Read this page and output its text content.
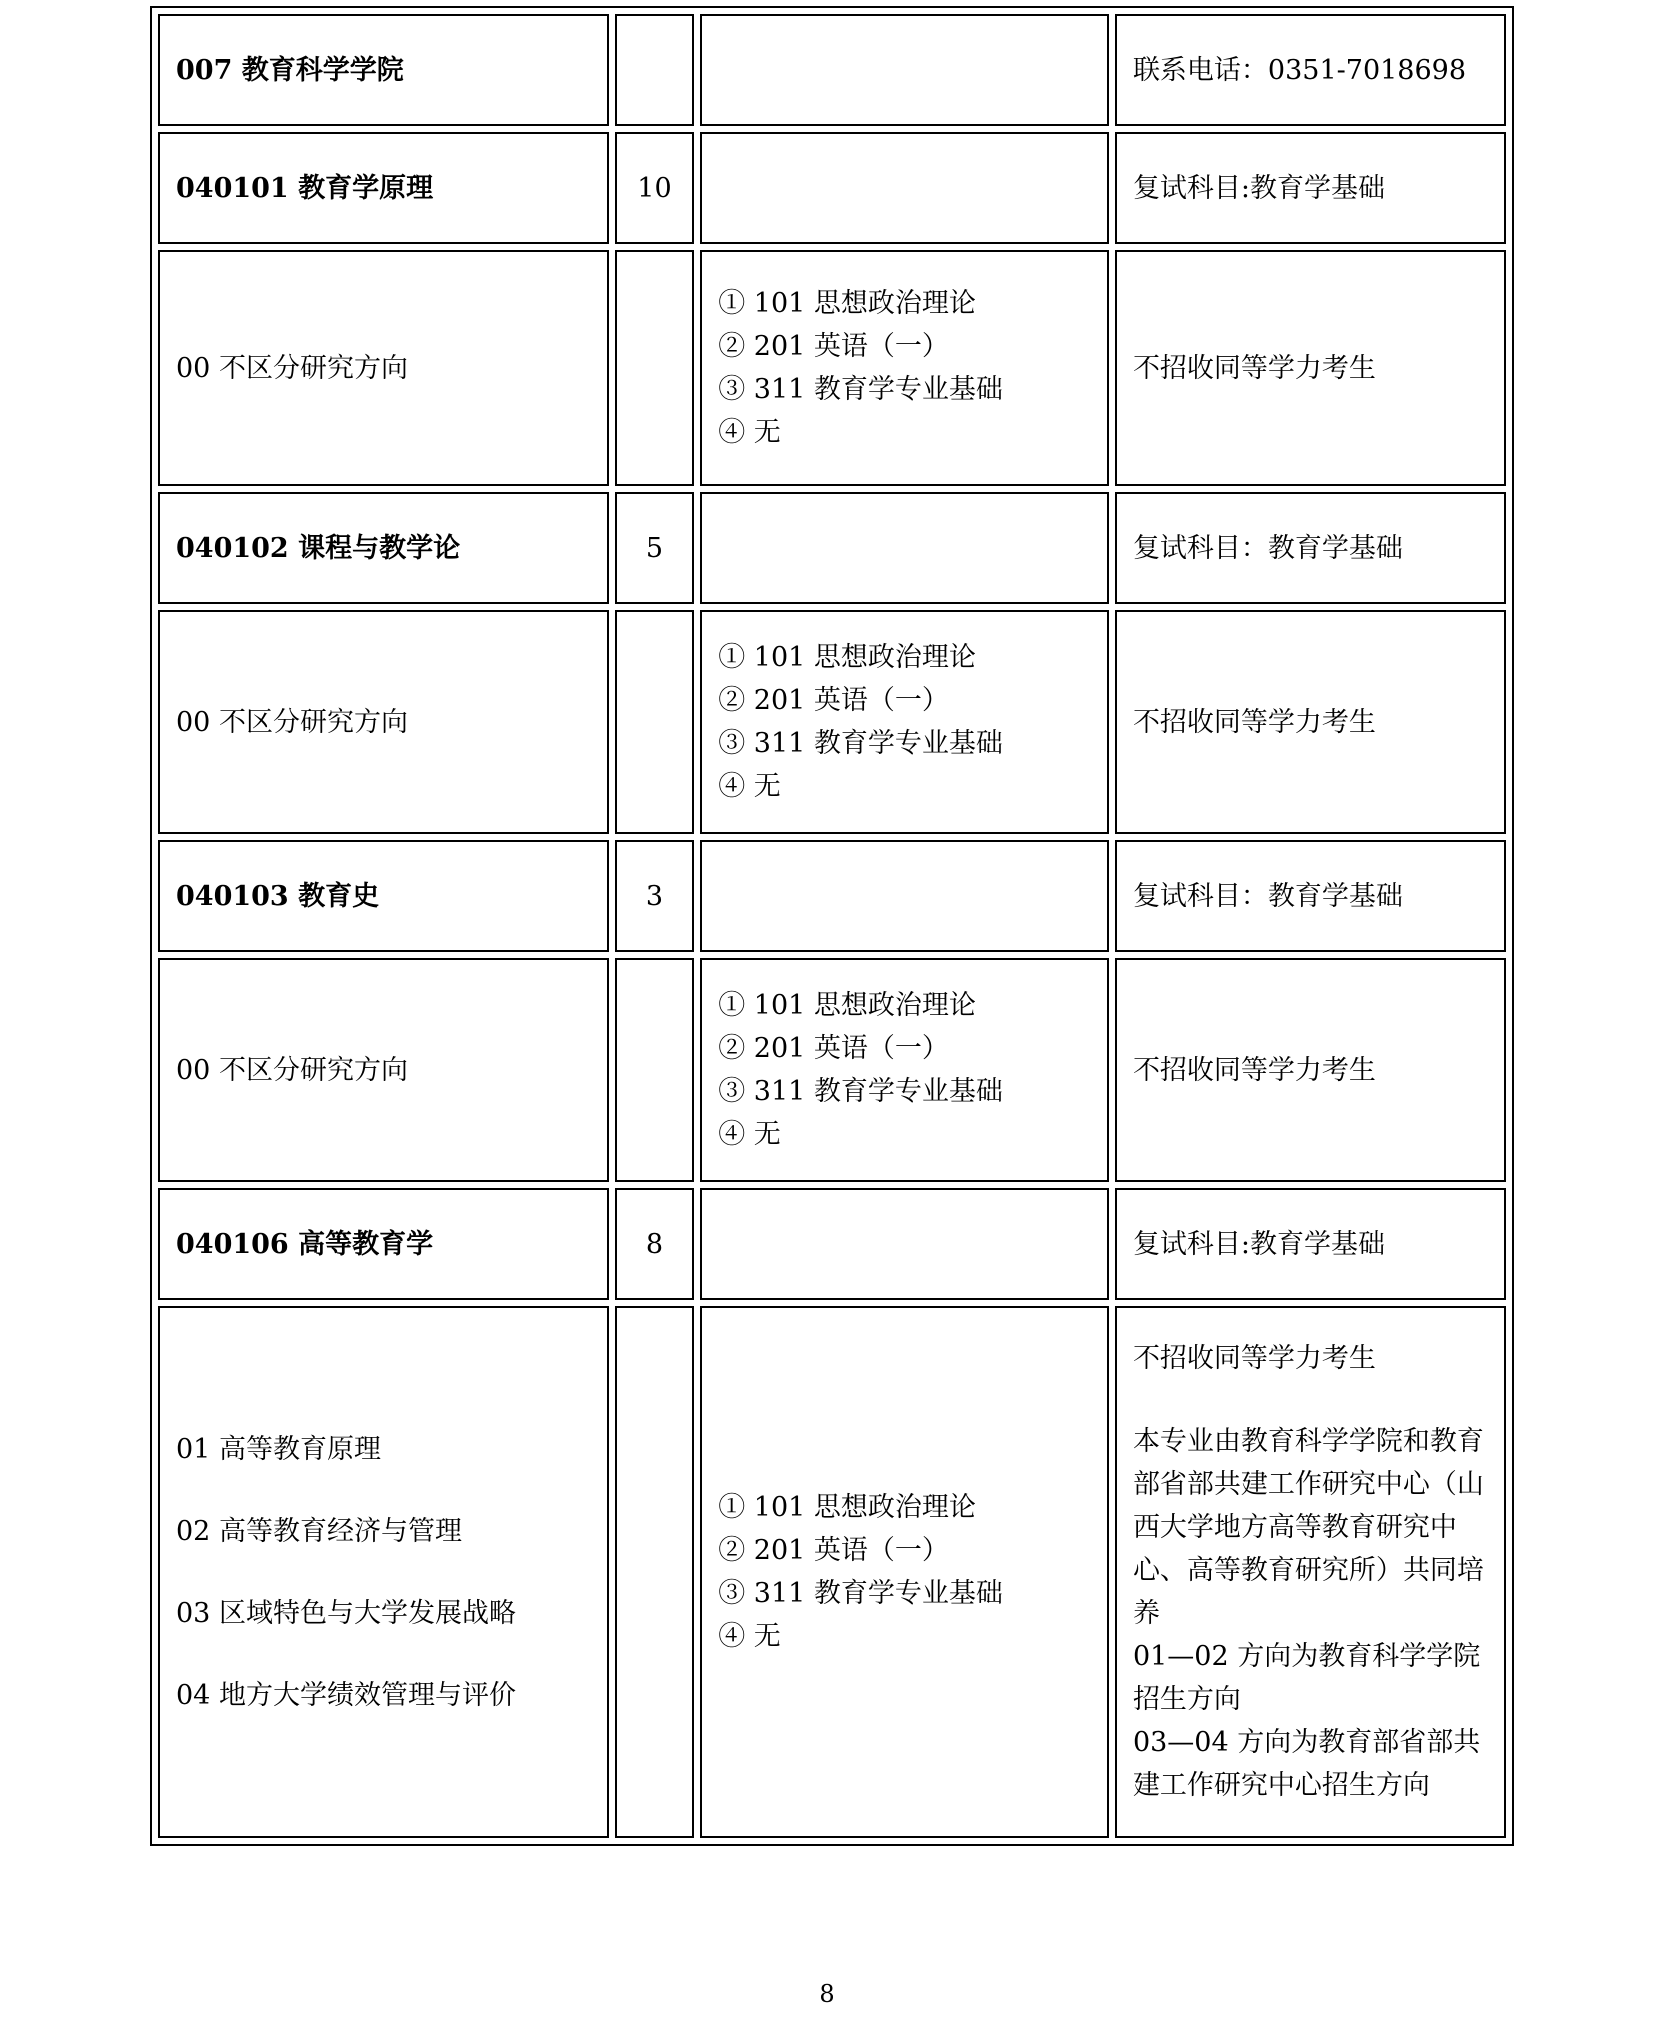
007 教育科学学院			联系电话：0351-7018698
040101 教育学原理	10		复试科目:教育学基础
00 不区分研究方向		① 101 思想政治理论
② 201 英语（一）
③ 311 教育学专业基础
④ 无	不招收同等学力考生
040102 课程与教学论	5		复试科目：教育学基础
00 不区分研究方向		① 101 思想政治理论
② 201 英语（一）
③ 311 教育学专业基础
④ 无	不招收同等学力考生
040103 教育史	3		复试科目：教育学基础
00 不区分研究方向		① 101 思想政治理论
② 201 英语（一）
③ 311 教育学专业基础
④ 无	不招收同等学力考生
040106 高等教育学	8		复试科目:教育学基础

01 高等教育原理
02 高等教育经济与管理
03 区域特色与大学发展战略
04 地方大学绩效管理与评价		① 101 思想政治理论
② 201 英语（一）
③ 311 教育学专业基础
④ 无	不招收同等学力考生
本专业由教育科学学院和教育部省部共建工作研究中心（山西大学地方高等教育研究中心、高等教育研究所）共同培养
01—02 方向为教育科学学院招生方向
03—04 方向为教育部省部共建工作研究中心招生方向
8
